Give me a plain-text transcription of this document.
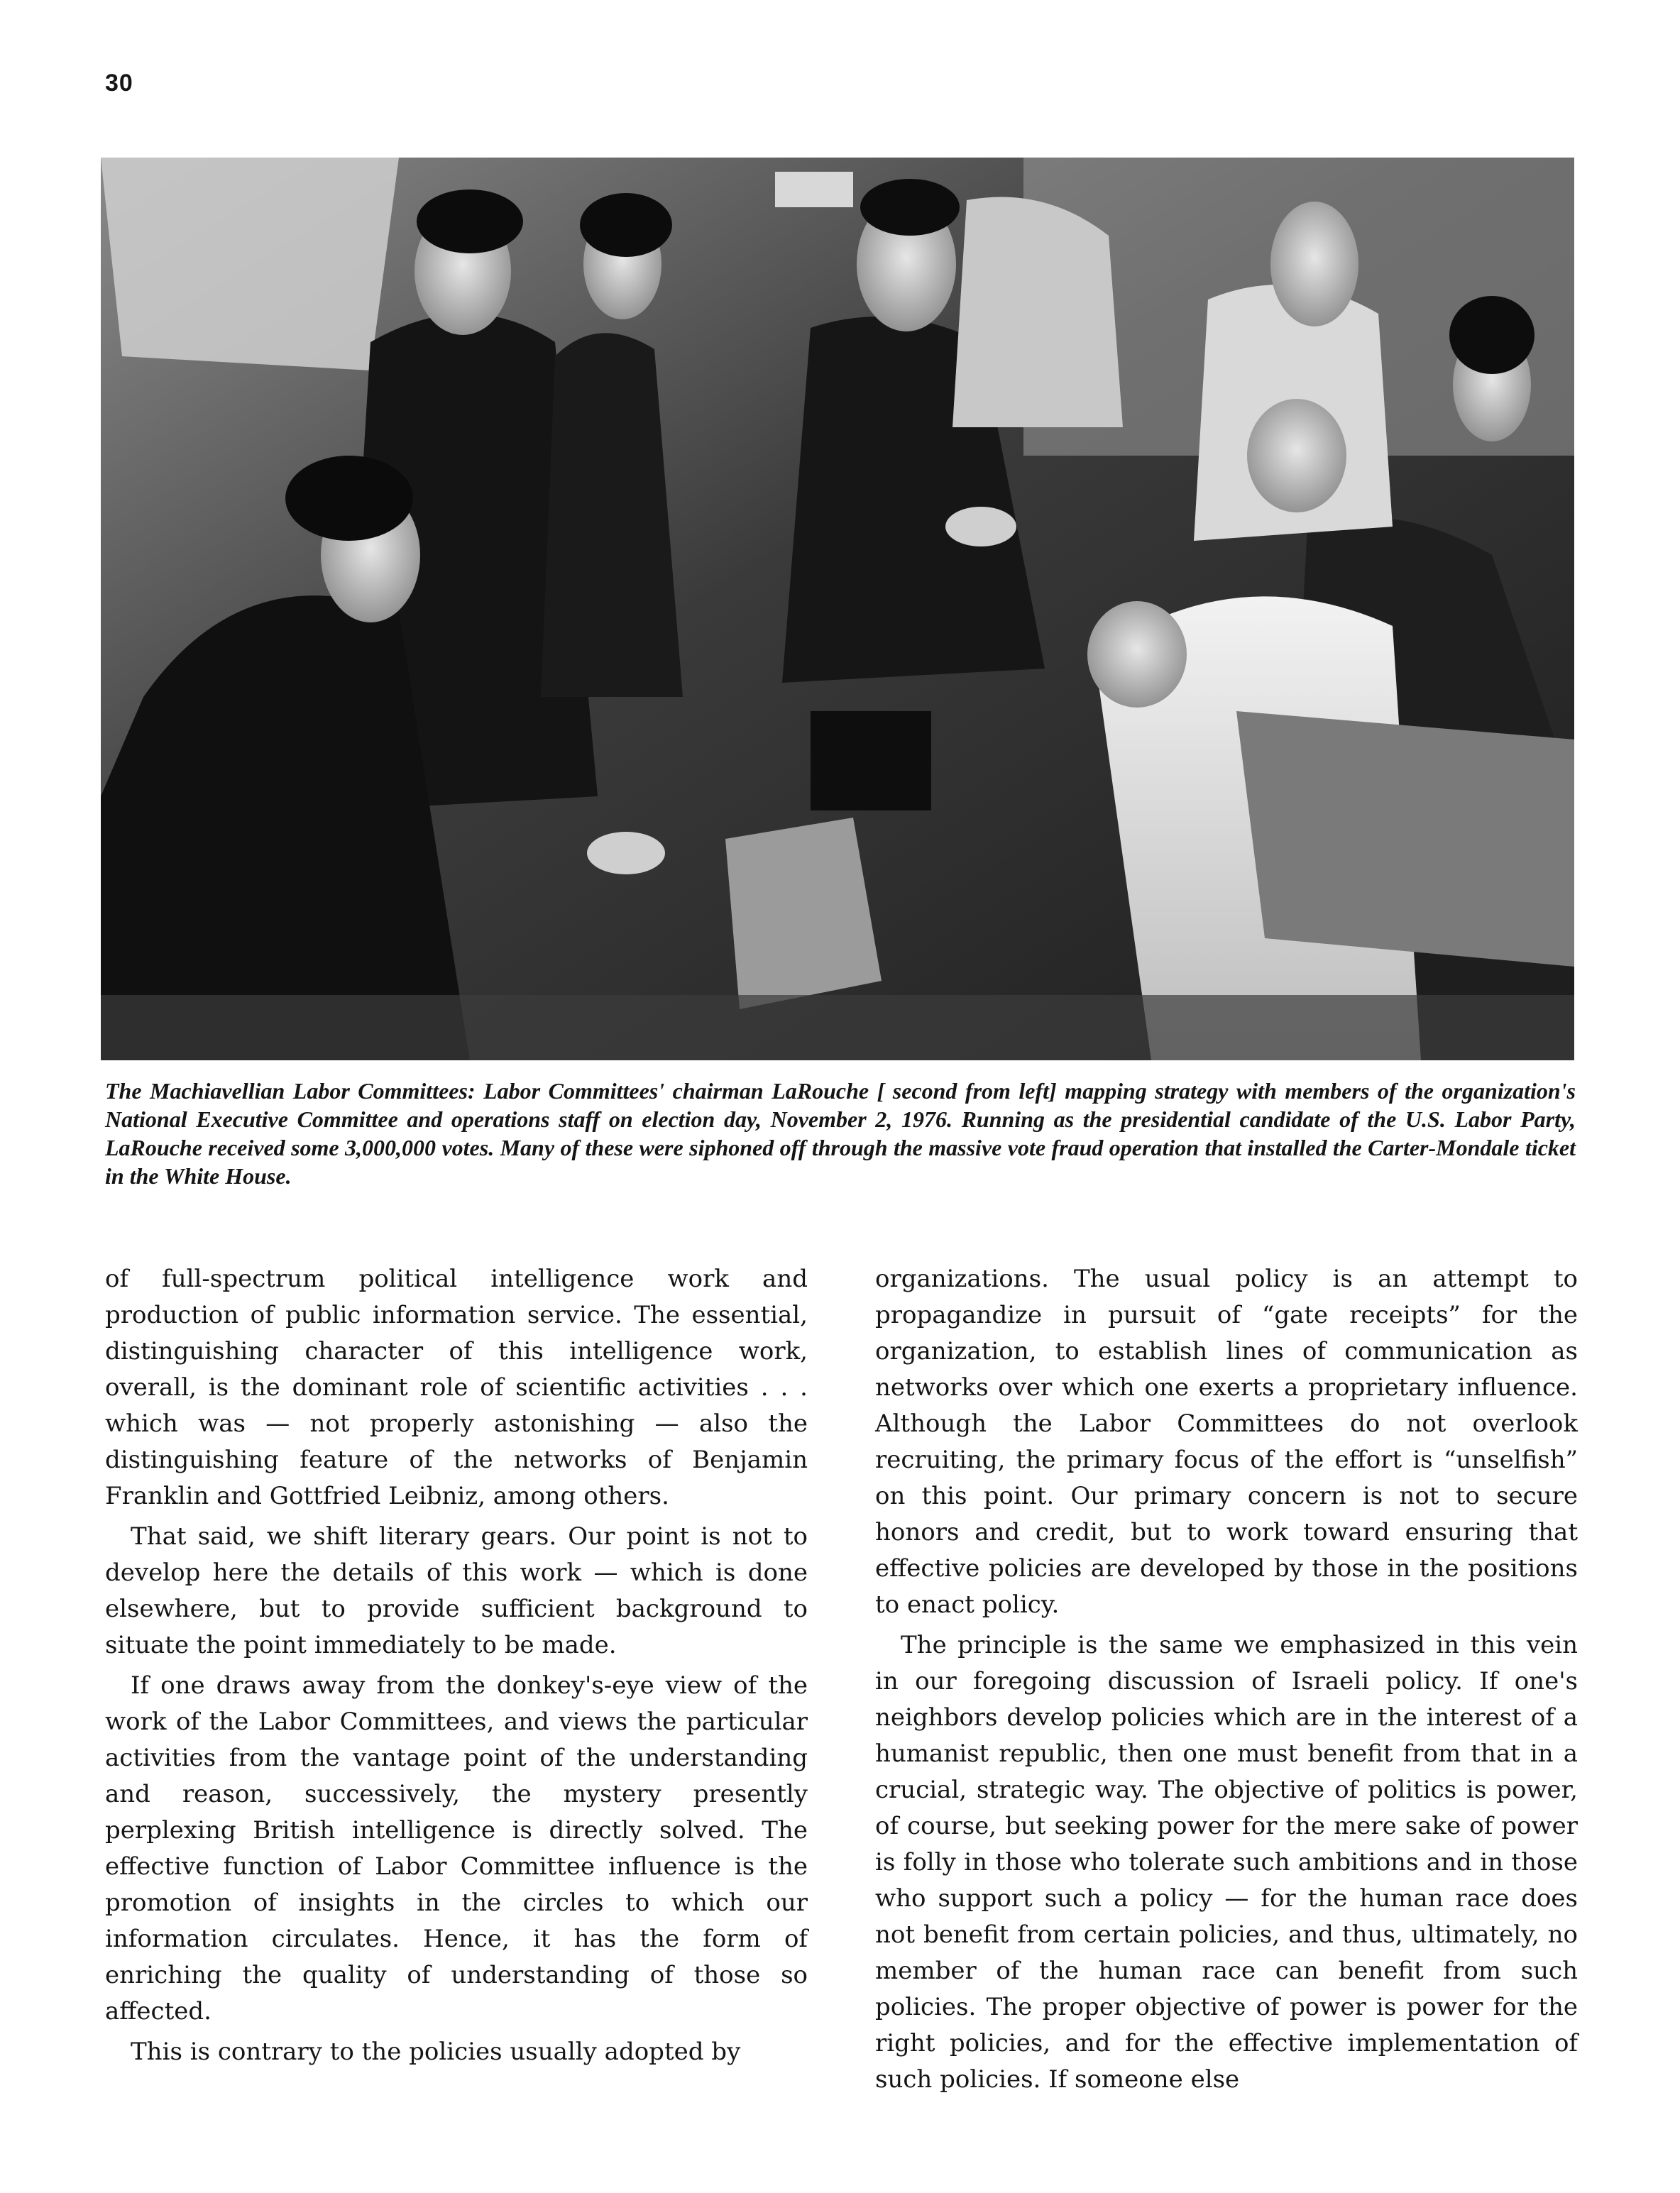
30
The Machiavellian Labor Committees: Labor Committees' chairman LaRouche [ second from left] mapping strategy with members of the organization's National Executive Committee and operations staff on election day, November 2, 1976. Running as the presidential candidate of the U.S. Labor Party, LaRouche received some 3,000,000 votes. Many of these were siphoned off through the massive vote fraud operation that installed the Carter-Mondale ticket in the White House.

of full-spectrum political intelligence work and production of public information service. The essential, distinguishing character of this intelligence work, overall, is the dominant role of scientific activities . . . which was — not properly astonishing — also the distinguishing feature of the networks of Benjamin Franklin and Gottfried Leibniz, among others.

That said, we shift literary gears. Our point is not to develop here the details of this work — which is done elsewhere, but to provide sufficient background to situate the point immediately to be made.

If one draws away from the donkey's-eye view of the work of the Labor Committees, and views the particular activities from the vantage point of the understanding and reason, successively, the mystery presently perplexing British intelligence is directly solved. The effective function of Labor Committee influence is the promotion of insights in the circles to which our information circulates. Hence, it has the form of enriching the quality of understanding of those so affected.

This is contrary to the policies usually adopted by

organizations. The usual policy is an attempt to propagandize in pursuit of “gate receipts” for the organization, to establish lines of communication as networks over which one exerts a proprietary influence. Although the Labor Committees do not overlook recruiting, the primary focus of the effort is “unselfish” on this point. Our primary concern is not to secure honors and credit, but to work toward ensuring that effective policies are developed by those in the positions to enact policy.

The principle is the same we emphasized in this vein in our foregoing discussion of Israeli policy. If one's neighbors develop policies which are in the interest of a humanist republic, then one must benefit from that in a crucial, strategic way. The objective of politics is power, of course, but seeking power for the mere sake of power is folly in those who tolerate such ambitions and in those who support such a policy — for the human race does not benefit from certain policies, and thus, ultimately, no member of the human race can benefit from such policies. The proper objective of power is power for the right policies, and for the effective implementation of such policies. If someone else
